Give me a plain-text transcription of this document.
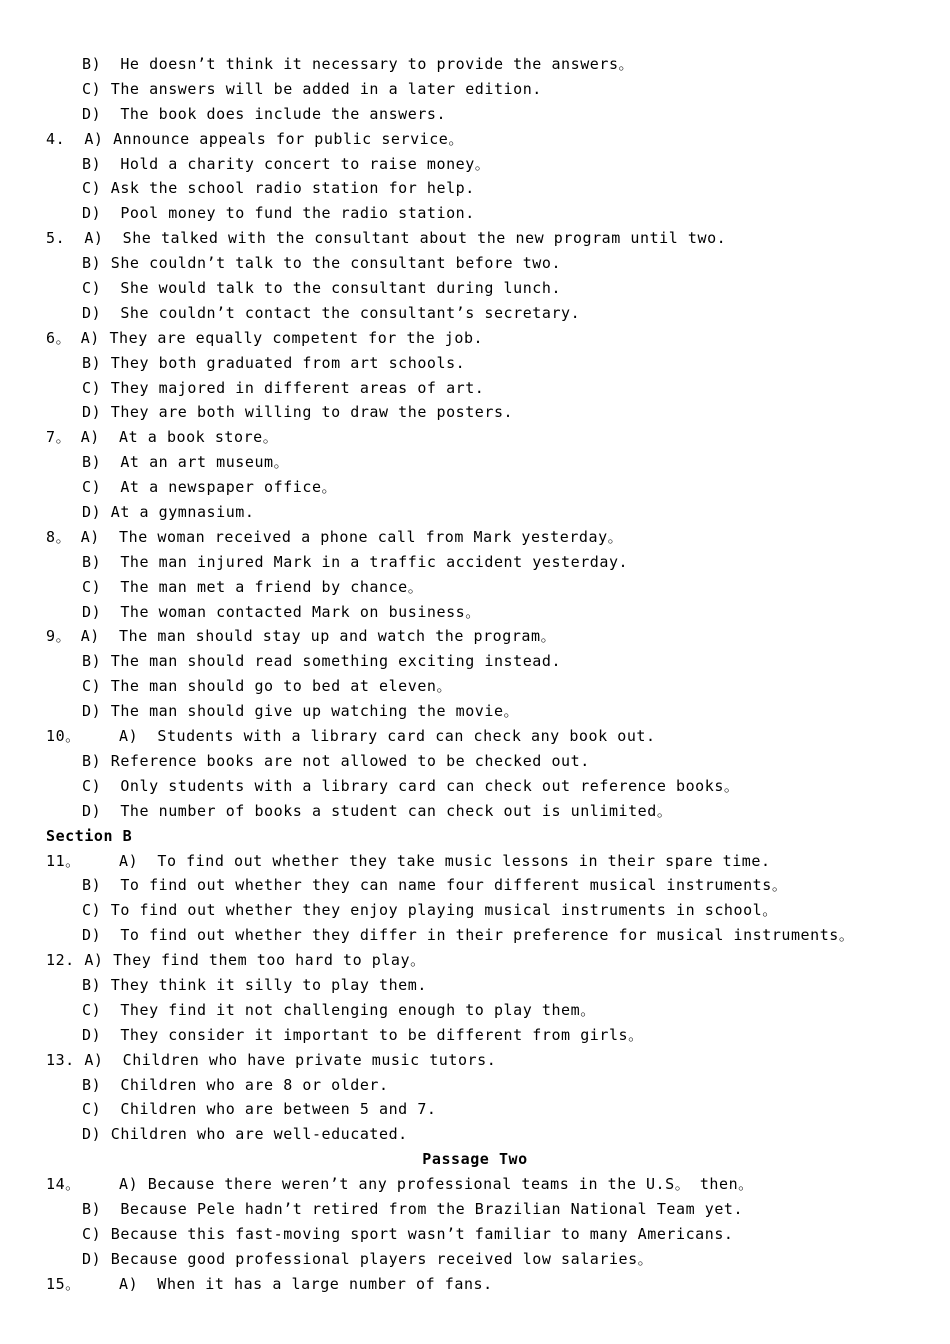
B)  He doesn’t think it necessary to provide the answers。
C) The answers will be added in a later edition.
D)  The book does include the answers.
4.  A) Announce appeals for public service。
B)  Hold a charity concert to raise money。
C) Ask the school radio station for help.
D)  Pool money to fund the radio station.
5.  A)  She talked with the consultant about the new program until two.
B) She couldn’t talk to the consultant before two.
C)  She would talk to the consultant during lunch.
D)  She couldn’t contact the consultant’s secretary.
6。 A) They are equally competent for the job.
B) They both graduated from art schools.
C) They majored in different areas of art.
D) They are both willing to draw the posters.
7。 A)  At a book store。
B)  At an art museum。
C)  At a newspaper office。
D) At a gymnasium.
8。 A)  The woman received a phone call from Mark yesterday。
B)  The man injured Mark in a traffic accident yesterday.
C)  The man met a friend by chance。
D)  The woman contacted Mark on business。
9。 A)  The man should stay up and watch the program。
B) The man should read something exciting instead.
C) The man should go to bed at eleven。
D) The man should give up watching the movie。
10。    A)  Students with a library card can check any book out.
B) Reference books are not allowed to be checked out.
C)  Only students with a library card can check out reference books。
D)  The number of books a student can check out is unlimited。
Section B
11。    A)  To find out whether they take music lessons in their spare time.
B)  To find out whether they can name four different musical instruments。
C) To find out whether they enjoy playing musical instruments in school。
D)  To find out whether they differ in their preference for musical instruments。
12. A) They find them too hard to play。
B) They think it silly to play them.
C)  They find it not challenging enough to play them。
D)  They consider it important to be different from girls。
13. A)  Children who have private music tutors.
B)  Children who are 8 or older.
C)  Children who are between 5 and 7.
D) Children who are well-educated.
Passage Two
14。    A) Because there weren’t any professional teams in the U.S。 then。
B)  Because Pele hadn’t retired from the Brazilian National Team yet.
C) Because this fast-moving sport wasn’t familiar to many Americans.
D) Because good professional players received low salaries。
15。    A)  When it has a large number of fans.
